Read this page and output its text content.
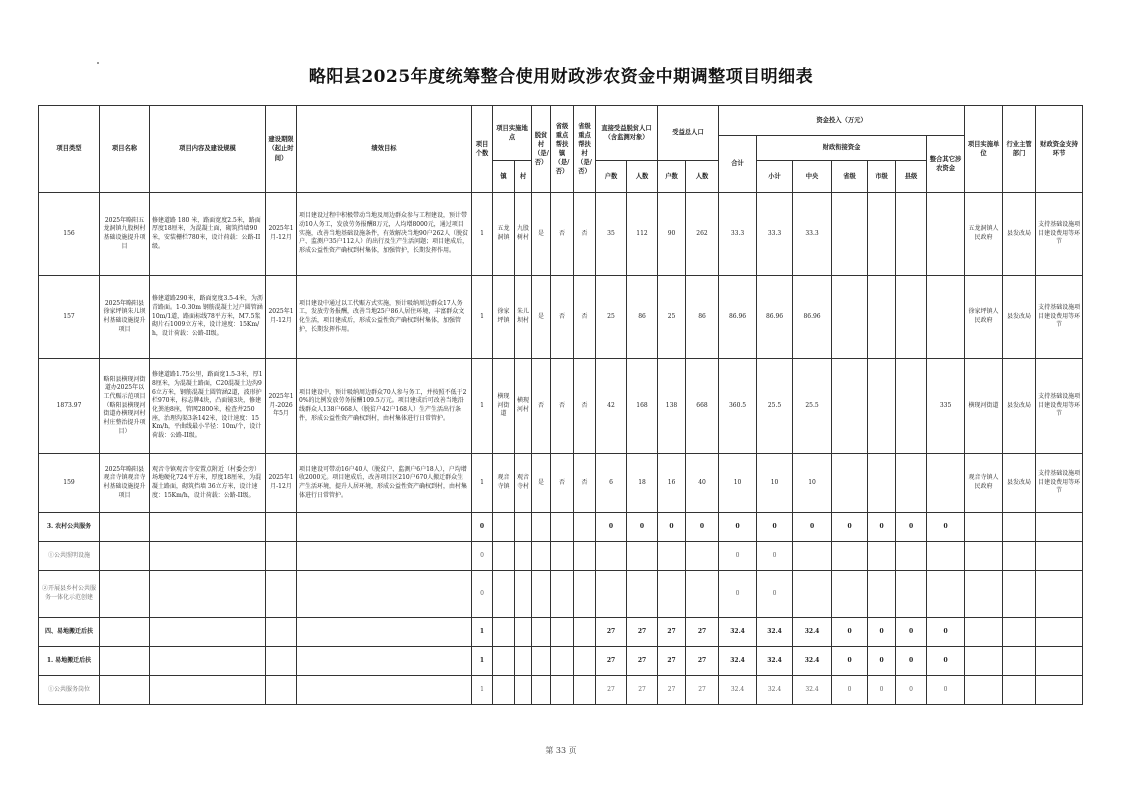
略阳县2025年度统筹整合使用财政涉农资金中期调整项目明细表
项目类型	项目名称	项目内容及建设规模	建设期限（起止时间）	绩效目标	项目个数	项目实施地点		脱贫村（是/否）	省级重点帮扶镇（是/否）	省级重点帮扶村（是/否）	直接受益脱贫人口（含监测对象）		受益总人口		资金投入（万元）							项目实施单位	行业主管部门	财政资金支持环节
															合计	财政衔接资金					整合其它涉农资金			
						镇	村				户数	人数	户数	人数		小计	中央	省级	市级	县级				
156	2025年略阳五龙洞镇九股树村基础设施提升项目	修建道路 180 米，路面宽度2.5米，路面厚度18厘米，为混凝土面，砌筑挡墙90米，安装栅栏780米，设计荷载：公路-II级。	2025年1月-12月	项目建设过程中积极带动当地及周边群众参与工程建设，预计带动10人务工，发放劳务报酬8万元，人均增8000元，通过项目实施，改善当地基础设施条件，有效解决当地90户262人（脱贫户、监测户35户112人）的出行及生产生活问题；项目建成后，形成公益性资产确权到村集体，加强管护，长期发挥作用。	1	五龙洞镇	九股树村	是	否	否	35	112	90	262	33.3	33.3	33.3					五龙洞镇人民政府	县发改局	支持基础设施项目建设费用等环节
157	2025年略阳县徐家坪镇朱儿坝村基础设施提升项目	修建道路290米，路面宽度3.5-4米，为沥青路面。1-0.30m 钢筋混凝土过户圆管涵10m/1道，路面标线78平方米，M7.5浆砌片石1009立方米，设计速度：15Km/h，设计荷载：公路-II级。	2025年1月-12月	项目建设中通过以工代赈方式实施，预计吸纳周边群众17人务工，发放劳务报酬，改善当地25户86人居住环境，丰富群众文化生活，项目建成后，形成公益性资产确权到村集体，加强管护，长期发挥作用。	1	徐家坪镇	朱儿坝村	是	否	否	25	86	25	86	86.96	86.96	86.96					徐家坪镇人民政府	县发改局	支持基础设施项目建设费用等环节
1873.97	略阳县横现河街道办2025年以工代赈示范项目（略阳县横现河街道办横现河村村庄整治提升项目）	修建道路1.75公里，路面宽1.5-3米，厚18厘米，为混凝土路面，C20混凝土边沟96立方米，钢筋混凝土圆管涵2道，波形护栏970米，标志牌4块，凸面镜3块，修建化粪池8座，管网2800米，检查井250座，治理沟渠3条142米，设计速度：15Km/h，平曲线最小半径：10m/个，设计荷载：公路-II级。	2025年1月-2026年5月	项目建设中，预计吸纳周边群众70人参与务工，并按照不低于20%的比例发放劳务报酬109.5万元。项目建成后可改善当地沿线群众人138户668人（脱贫户42户168人）生产生活出行条件，形成公益性资产确权到村，由村集体进行日常管护。	1	横现河街道	横现河村	否	否	否	42	168	138	668	360.5	25.5	25.5				335	横现河街道	县发改局	支持基础设施项目建设费用等环节
159	2025年略阳县观音寺镇观音寺村基础设施提升项目	观音寺镇观音寺安置点附近（村委会旁）场地硬化724平方米，厚度18厘米，为混凝土路面，砌筑挡墙 36立方米，设计速度：15Km/h，设计荷载：公路-II级。	2025年1月-12月	项目建设可带动16户40人（脱贫户、监测户6户18人），户均增收2000元。项目建成后，改善项目区210户670人搬迁群众生产生活环境，提升人居环境，形成公益性资产确权到村，由村集体进行日常管护。	1	观音寺镇	观音寺村	是	否	否	6	18	16	40	10	10	10					观音寺镇人民政府	县发改局	支持基础设施项目建设费用等环节
3. 农村公共服务					0						0	0	0	0	0	0	0	0	0	0	0			
①公共照明设施					0										0	0								
②开展县乡村公共服务一体化示范创建					0										0	0								
四、易地搬迁后扶					1						27	27	27	27	32.4	32.4	32.4	0	0	0	0			
1. 易地搬迁后扶					1						27	27	27	27	32.4	32.4	32.4	0	0	0	0			
①公共服务岗位					1						27	27	27	27	32.4	32.4	32.4	0	0	0	0			
第 33 页
